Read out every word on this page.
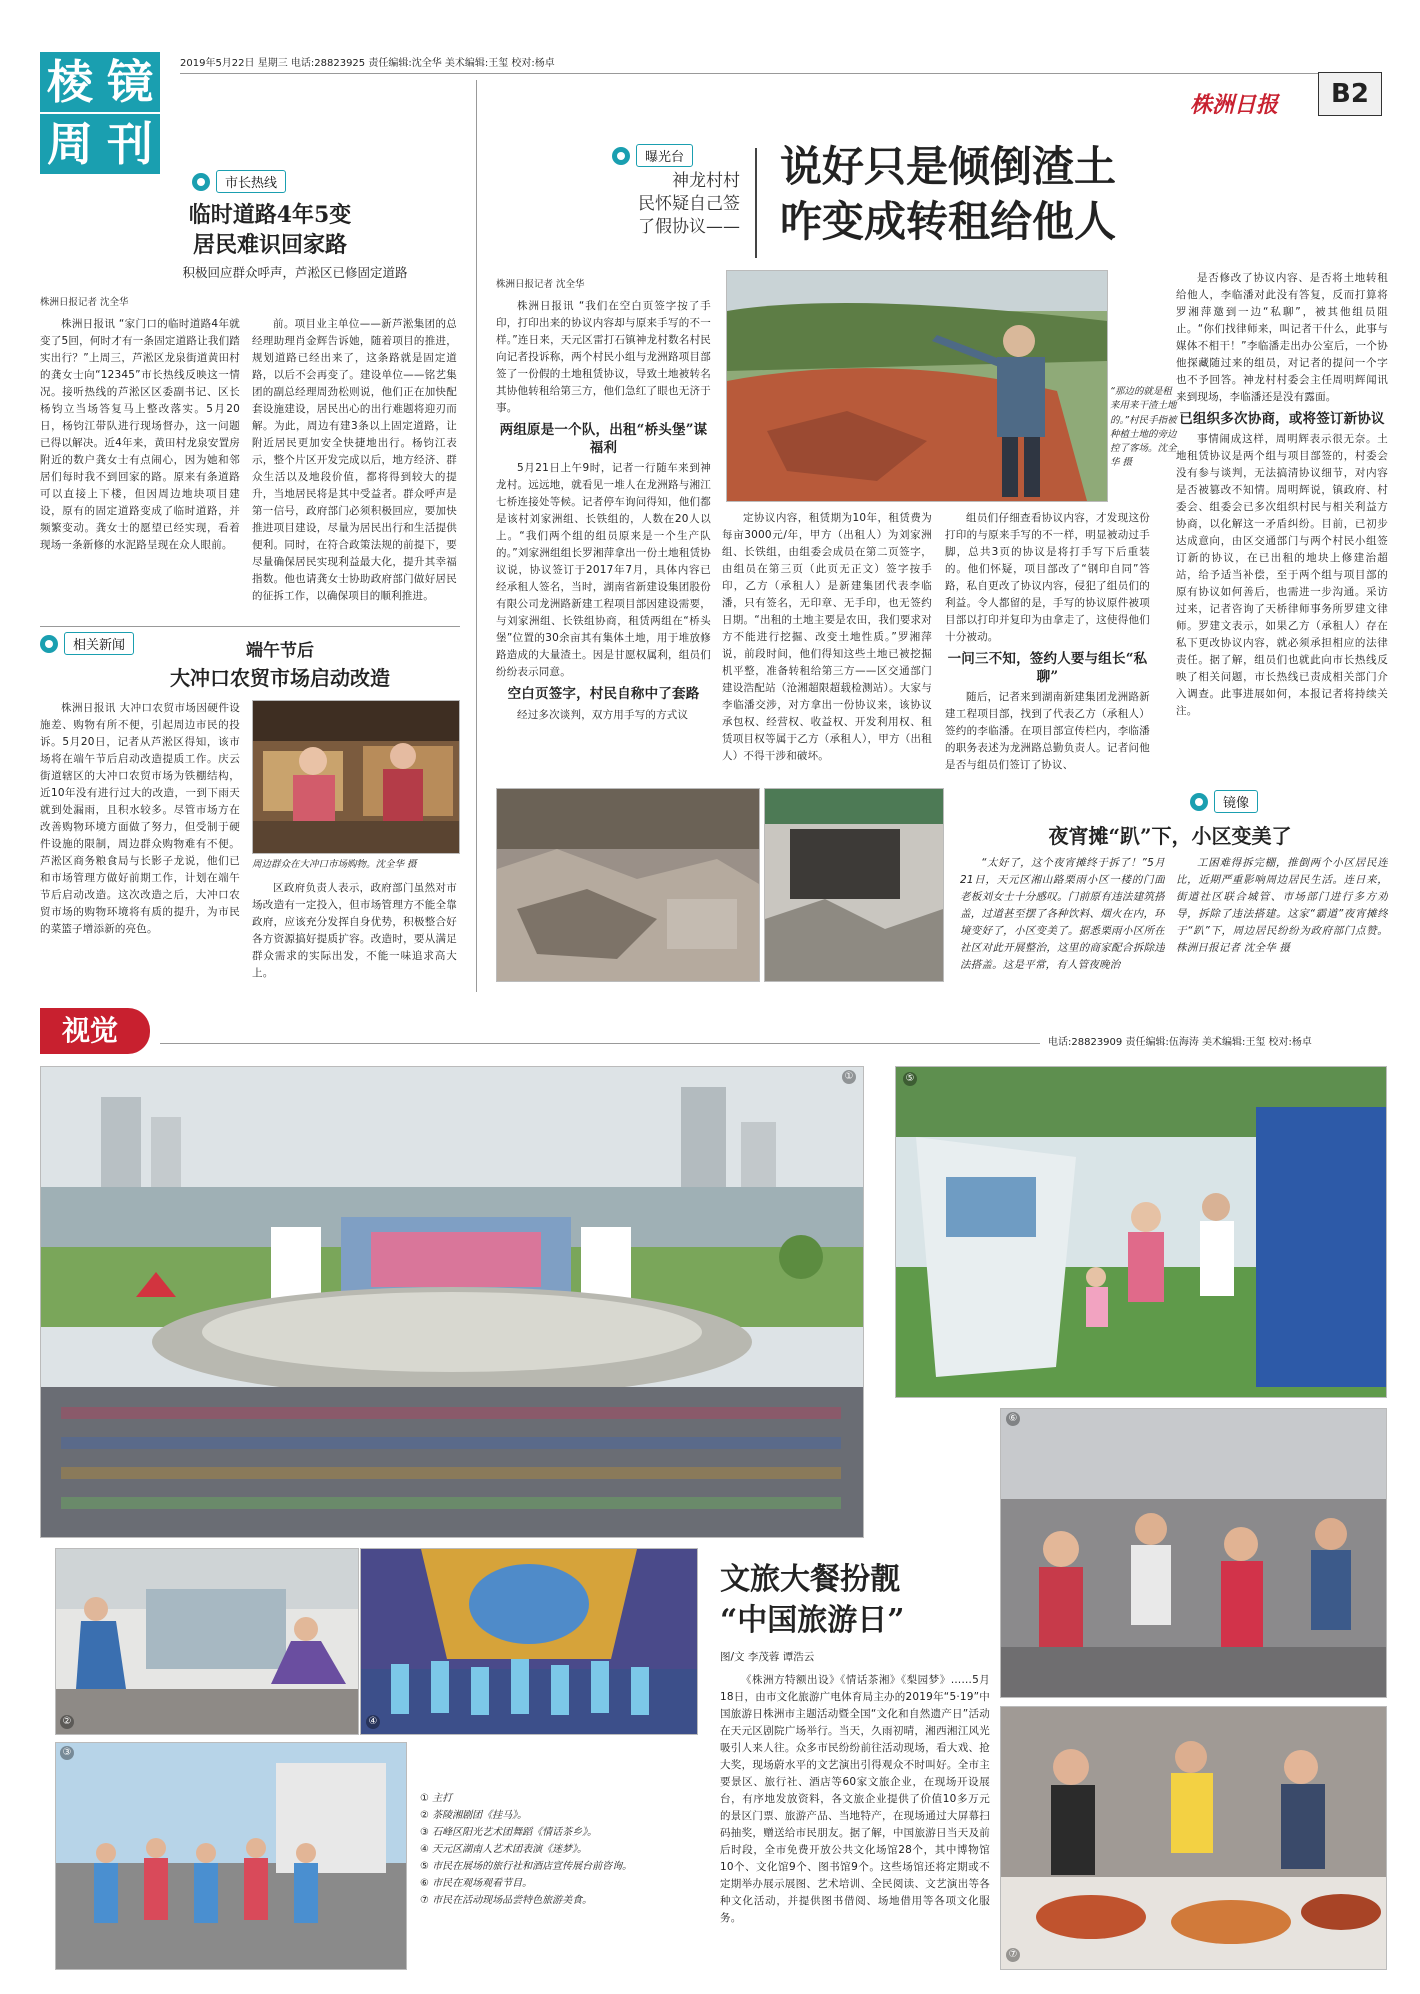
棱 镜
周 刊
2019年5月22日 星期三 电话:28823925 责任编辑:沈全华 美术编辑:王玺 校对:杨卓
株洲日报	B2
市长热线
临时道路4年5变
居民难识回家路
积极回应群众呼声，芦淞区已修固定道路
株洲日报记者 沈全华

株洲日报讯 “家门口的临时道路4年就变了5回，何时才有一条固定道路让我们踏实出行？”上周三，芦淞区龙泉街道黄田村的龚女士向“12345”市长热线反映这一情况。接听热线的芦淞区区委副书记、区长杨钧立当场答复马上整改落实。5月20日，杨钧江带队进行现场督办，这一问题已得以解决。近4年来，黄田村龙泉安置房附近的数户龚女士有点闹心，因为她和邻居们每时我不到回家的路。原来有条道路可以直接上下楼，但因周边地块项目建设，原有的固定道路变成了临时道路，并频繁变动。龚女士的愿望已经实现，看着现场一条新修的水泥路呈现在众人眼前。

前。项目业主单位——新芦淞集团的总经理助理肖金辉告诉她，随着项目的推进，规划道路已经出来了，这条路就是固定道路，以后不会再变了。建设单位——铭艺集团的副总经理周劲松则说，他们正在加快配套设施建设，居民出心的出行难题将迎刃而解。为此，周边有建3条以上固定道路，让附近居民更加安全快捷地出行。杨钧江表示，整个片区开发完成以后，地方经济、群众生活以及地段价值，都将得到较大的提升，当地居民将是其中受益者。群众呼声是第一信号，政府部门必须积极回应，要加快推进项目建设，尽量为居民出行和生活提供便利。同时，在符合政策法规的前提下，要尽量确保居民实现利益最大化，提升其幸福指数。他也请龚女士协助政府部门做好居民的征拆工作，以确保项目的顺利推进。

相关新闻	端午节后
大冲口农贸市场启动改造

株洲日报讯 大冲口农贸市场因硬件设施差、购物有所不便，引起周边市民的投诉。5月20日，记者从芦淞区得知，该市场将在端午节后启动改造提质工作。庆云街道辖区的大冲口农贸市场为铁棚结构，近10年没有进行过大的改造，一到下雨天就到处漏雨，且积水较多。尽管市场方在改善购物环境方面做了努力，但受制于硬件设施的限制，周边群众购物难有不便。芦淞区商务粮食局与长影子龙说，他们已和市场管理方做好前期工作，计划在端午节后启动改造。这次改造之后，大冲口农贸市场的购物环境将有质的提升，为市民的菜篮子增添新的亮色。

周边群众在大冲口市场购物。沈全华 摄

区政府负责人表示，政府部门虽然对市场改造有一定投入，但市场管理方不能全靠政府，应该充分发挥自身优势，积极整合好各方资源搞好提质扩容。改造时，要从满足群众需求的实际出发，不能一味追求高大上。

曝光台
神龙村村
民怀疑自己签
了假协议——
说好只是倾倒渣土
咋变成转租给他人
株洲日报记者 沈全华

株洲日报讯 “我们在空白页签字按了手印，打印出来的协议内容却与原来手写的不一样。”连日来，天元区雷打石镇神龙村数名村民向记者投诉称，两个村民小组与龙洲路项目部签了一份假的土地租赁协议，导致土地被转名其协他转租给第三方，他们急红了眼也无济于事。

两组原是一个队，出租“桥头堡”谋福利

5月21日上午9时，记者一行随车来到神龙村。远远地，就看见一堆人在龙洲路与湘江七桥连接处等候。记者停车询问得知，他们都是该村刘家洲组、长铁组的，人数在20人以上。“我们两个组的组员原来是一个生产队的。”刘家洲组组长罗湘萍拿出一份土地租赁协议说，协议签订于2017年7月，具体内容已经承租人签名，当时，湖南省新建设集团股份有限公司龙洲路新建工程项目部因建设需要，与刘家洲组、长铁组协商，租赁两组在“桥头堡”位置的30余亩其有集体土地，用于堆放修路造成的大量渣土。因是甘愿权属利，组员们纷纷表示同意。

空白页签字，村民自称中了套路

经过多次谈判，双方用手写的方式议

“那边的就是租来用来干渣土地的。”村民手指被种植土地的旁边控了客场。沈全华 摄

定协议内容，租赁期为10年，租赁费为每亩3000元/年，甲方（出租人）为刘家洲组、长铁组，由组委会成员在第二页签字，由组员在第三页（此页无正文）签字按手印，乙方（承租人）是新建集团代表李临潘，只有签名，无印章、无手印，也无签约日期。“出租的土地主要是农田，我们要求对方不能进行挖掘、改变土地性质。”罗湘萍说，前段时间，他们得知这些土地已被挖掘机平整，准备转租给第三方——区交通部门建设浩配站（沧湘超限超载检测站）。大家与李临潘交涉，对方拿出一份协议来，该协议承包权、经营权、收益权、开发利用权、租赁项目权等属于乙方（承租人），甲方（出租人）不得干涉和破坏。

组员们仔细查看协议内容，才发现这份打印的与原来手写的不一样，明显被动过手脚，总共3页的协议是将打手写下后重装的。他们怀疑，项目部改了“钢印自同”答路，私自更改了协议内容，侵犯了组员们的利益。令人都留的是，手写的协议原件被项目部以打印并复印为由拿走了，这使得他们十分被动。

一问三不知，签约人要与组长“私聊”

随后，记者来到湖南新建集团龙洲路新建工程项目部，找到了代表乙方（承租人）签约的李临潘。在项目部宣传栏内，李临潘的职务表述为龙洲路总勤负责人。记者问他是否与组员们签订了协议、

是否修改了协议内容、是否将土地转租给他人，李临潘对此没有答复，反而打算将罗湘萍邀到一边“私聊”，被其他组员阻止。“你们找律师来，叫记者干什么，此事与媒体不相干！”李临潘走出办公室后，一个协他探藏随过来的组员，对记者的提问一个字也不予回答。神龙村村委会主任周明辉闻讯来到现场，李临潘还是没有露面。

已组织多次协商，或将签订新协议

事情闹成这样，周明辉表示很无奈。土地租赁协议是两个组与项目部签的，村委会没有参与谈判，无法搞清协议细节，对内容是否被篡改不知情。周明辉说，镇政府、村委会、组委会已多次组织村民与相关利益方协商，以化解这一矛盾纠纷。目前，已初步达成意向，由区交通部门与两个村民小组签订新的协议，在已出租的地块上修建治超站，给予适当补偿，至于两个组与项目部的原有协议如何善后，也需进一步沟通。采访过来，记者咨询了天桥律师事务所罗建文律师。罗建文表示，如果乙方（承租人）存在私下更改协议内容，就必须承担相应的法律责任。据了解，组员们也就此向市长热线反映了相关问题，市长热线已责成相关部门介入调查。此事进展如何，本报记者将持续关注。

镜像
夜宵摊“趴”下，小区变美了

“太好了，这个夜宵摊终于拆了！”5月21日，天元区湘山路栗雨小区一楼的门面老板刘女士十分感叹。门前原有违法建筑搭盖，过道甚至摆了各种饮料、烟火在内，环境变好了，小区变美了。据悉栗雨小区所在社区对此开展整治，这里的商家配合拆除违法搭盖。这是平常，有人管夜晚治

工困难得拆完棚，推倒两个小区居民连比，近期严重影响周边居民生活。连日来，街道社区联合城管、市场部门进行多方劝导，拆除了违法搭建。这家“霸道”夜宵摊终于“趴”下，周边居民纷纷为政府部门点赞。株洲日报记者 沈全华 摄

视觉	电话:28823909 责任编辑:伍海涛 美术编辑:王玺 校对:杨卓
①	⑤
⑥
⑦
②	④
③
① 主打
② 茶陵湘剧团《挂马》。
③ 石峰区阳光艺术团舞蹈《情话茶乡》。
④ 天元区湖南人艺术团表演《迷梦》。
⑤ 市民在展场的旅行社和酒店宣传展台前咨询。
⑥ 市民在观场观看节目。
⑦ 市民在活动现场品尝特色旅游美食。
文旅大餐扮靓
“中国旅游日”
图/文 李茂蓉 谭浩云

《株洲方特额出设》《情话茶湘》《梨园梦》……5月18日，由市文化旅游广电体育局主办的2019年“5·19”中国旅游日株洲市主题活动暨全国“文化和自然遗产日”活动在天元区剧院广场举行。当天，久雨初晴，湘西湘江风光吸引人来人往。众多市民纷纷前往活动现场，看大戏、抢大奖，现场蔚水平的文艺演出引得观众不时叫好。全市主要景区、旅行社、酒店等60家文旅企业，在现场开设展台，有序地发放资料，各文旅企业提供了价值10多万元的景区门票、旅游产品、当地特产，在现场通过大屏幕扫码抽奖，赠送给市民朋友。据了解，中国旅游日当天及前后时段，全市免费开放公共文化场馆28个，其中博物馆10个、文化馆9个、图书馆9个。这些场馆还将定期或不定期举办展示展图、艺术培训、全民阅读、文艺演出等各种文化活动，并提供图书借阅、场地借用等各项文化服务。
